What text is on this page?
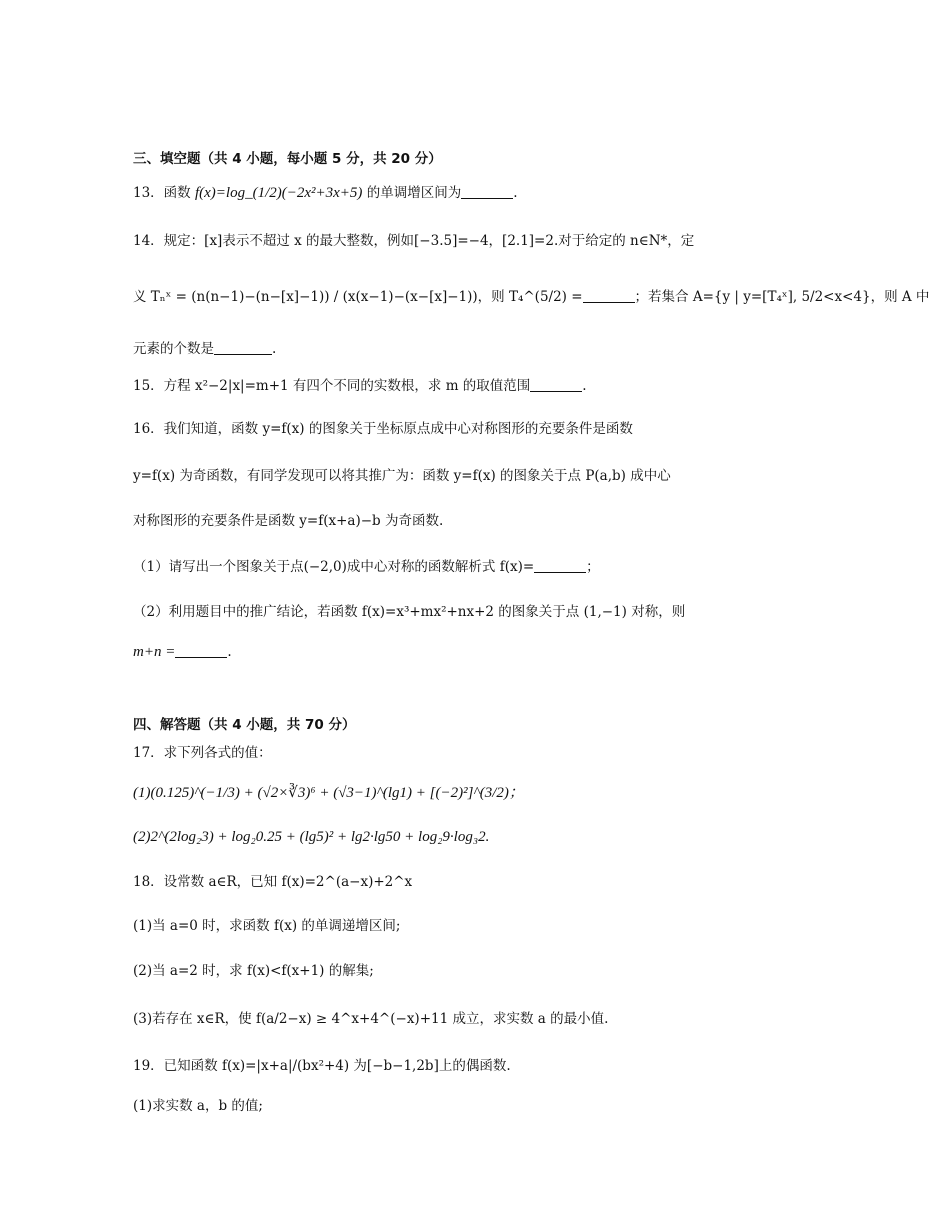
三、填空题（共 4 小题，每小题 5 分，共 20 分）
13．函数 f(x)=log_(1/2)(−2x²+3x+5) 的单调增区间为	.
14．规定：[x]表示不超过 x 的最大整数，例如[−3.5]=−4，[2.1]=2.对于给定的 n∈N*，定
义 Tₙˣ = (n(n−1)−(n−[x]−1)) / (x(x−1)−(x−[x]−1))，则 T₄^(5/2) =	；若集合 A={y | y=[T₄ˣ], 5/2<x<4}，则 A 中
元素的个数是	.
15．方程 x²−2|x|=m+1 有四个不同的实数根，求 m 的取值范围	.
16．我们知道，函数 y=f(x) 的图象关于坐标原点成中心对称图形的充要条件是函数
y=f(x) 为奇函数，有同学发现可以将其推广为：函数 y=f(x) 的图象关于点 P(a,b) 成中心
对称图形的充要条件是函数 y=f(x+a)−b 为奇函数.
（1）请写出一个图象关于点(−2,0)成中心对称的函数解析式 f(x)=	；
（2）利用题目中的推广结论，若函数 f(x)=x³+mx²+nx+2 的图象关于点 (1,−1) 对称，则
m+n =	.
四、解答题（共 4 小题，共 70 分）
17．求下列各式的值：
(1)(0.125)^(−1/3) + (√2×∛3)⁶ + (√3−1)^(lg1) + [(−2)²]^(3/2)；
(2)2^(2log₂3) + log₂0.25 + (lg5)² + lg2·lg50 + log₂9·log₃2.
18．设常数 a∈R，已知 f(x)=2^(a−x)+2^x
(1)当 a=0 时，求函数 f(x) 的单调递增区间;
(2)当 a=2 时，求 f(x)<f(x+1) 的解集;
(3)若存在 x∈R，使 f(a/2−x) ≥ 4^x+4^(−x)+11 成立，求实数 a 的最小值.
19．已知函数 f(x)=|x+a|/(bx²+4) 为[−b−1,2b]上的偶函数.
(1)求实数 a，b 的值;
